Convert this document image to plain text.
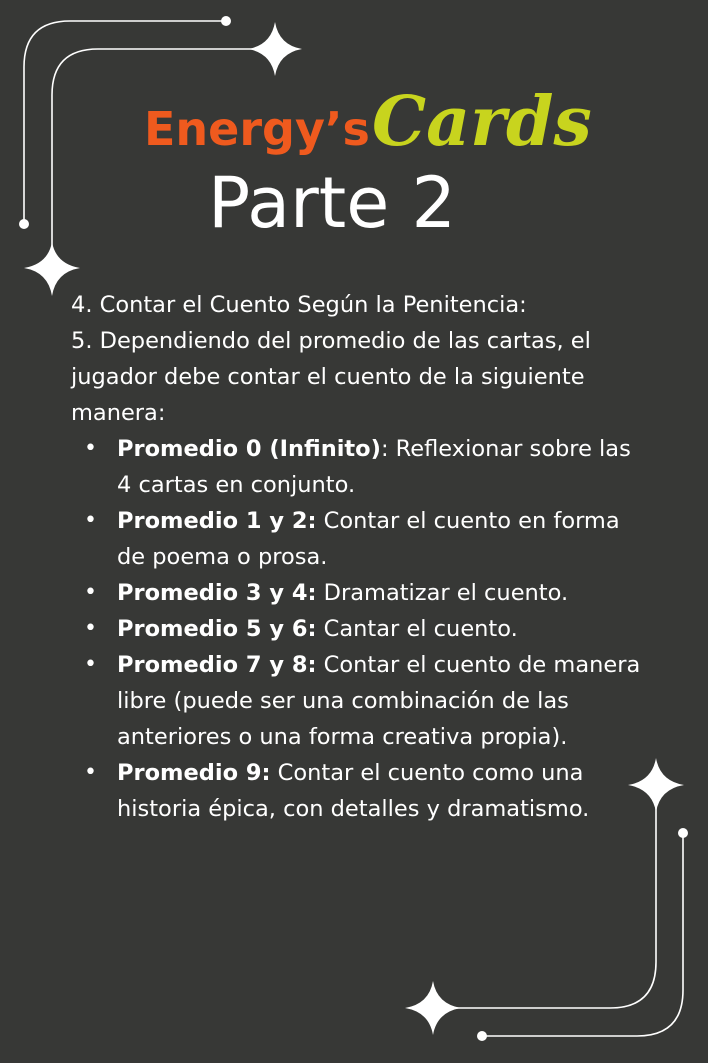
Energy’s Cards
Parte 2

4. Contar el Cuento Según la Penitencia:

5. Dependiendo del promedio de las cartas, el jugador debe contar el cuento de la siguiente manera:

• Promedio 0 (Infinito): Reflexionar sobre las 4 cartas en conjunto.
• Promedio 1 y 2: Contar el cuento en forma de poema o prosa.
• Promedio 3 y 4: Dramatizar el cuento.
• Promedio 5 y 6: Cantar el cuento.
• Promedio 7 y 8: Contar el cuento de manera libre (puede ser una combinación de las anteriores o una forma creativa propia).
• Promedio 9: Contar el cuento como una historia épica, con detalles y dramatismo.
